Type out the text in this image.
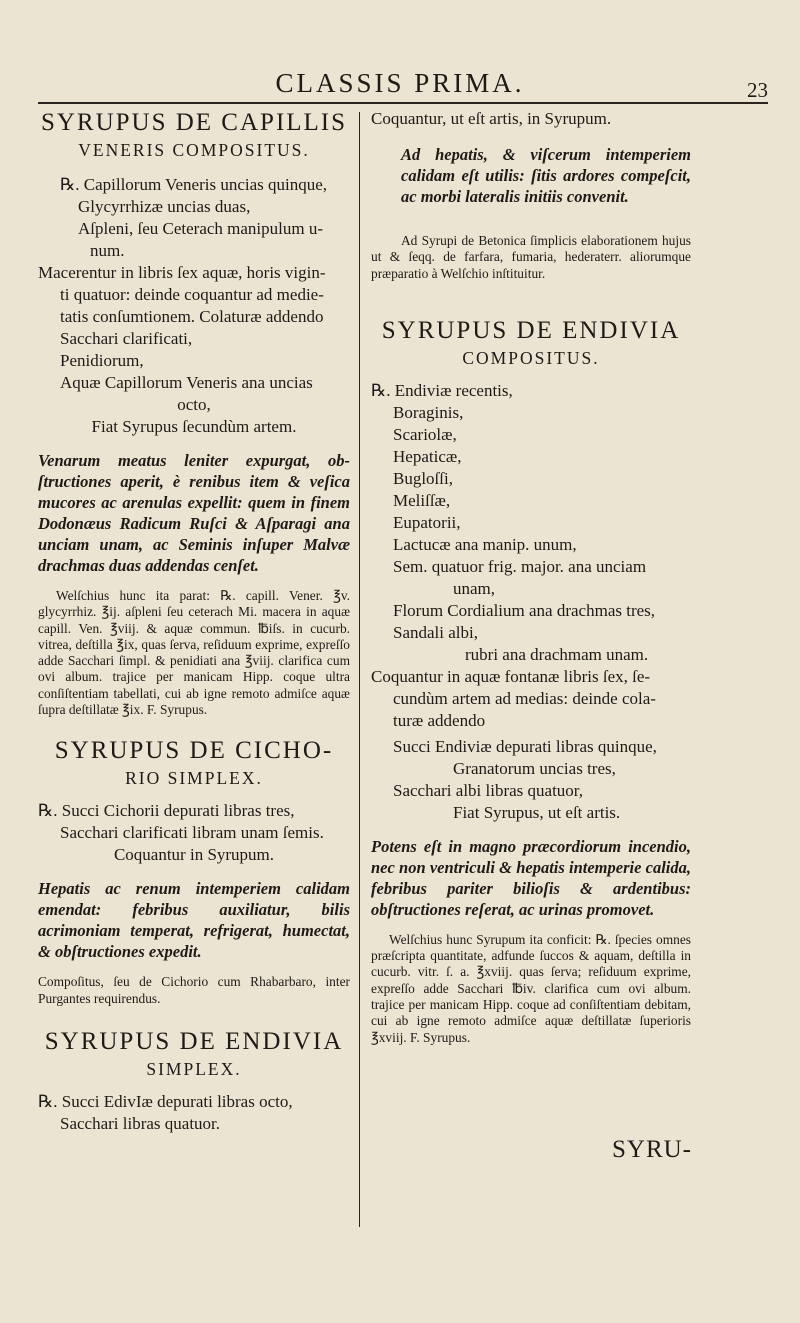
CLASSIS PRIMA.	23
SYRUPUS DE CAPILLIS
VENERIS COMPOSITUS.

℞. Capillorum Veneris uncias quinque,

Glycyrrhizæ uncias duas,

Aſpleni, ſeu Ceterach manipulum u-

num.

Macerentur in libris ſex aquæ, horis vigin-

ti quatuor: deinde coquantur ad medie-

tatis conſumtionem. Colaturæ addendo

Sacchari clarificati,

Penidiorum,

Aquæ Capillorum Veneris ana uncias

octo,

Fiat Syrupus ſecundùm artem.

Venarum meatus leniter expurgat, ob-ſtructiones aperit, è renibus item & veſica mucores ac arenulas expellit: quem in finem Dodonæus Radicum Ruſci & Aſparagi ana unciam unam, ac Seminis inſuper Malvæ drachmas duas addendas cenſet.

Welſchius hunc ita parat: ℞. capill. Vener. ℥v. glycyrrhiz. ℥ij. aſpleni ſeu ceterach Mi. macera in aquæ capill. Ven. ℥viij. & aquæ commun. ℔iſs. in cucurb. vitrea, deſtilla ℥ix, quas ſerva, reſiduum exprime, expreſſo adde Sacchari ſimpl. & penidiati ana ℥viij. clarifica cum ovi album. trajice per manicam Hipp. coque ultra conſiſtentiam tabellati, cui ab igne remoto admiſce aquæ ſupra deſtillatæ ℥ix. F. Syrupus.

SYRUPUS DE CICHO-
RIO SIMPLEX.

℞. Succi Cichorii depurati libras tres,

Sacchari clarificati libram unam ſemis.

Coquantur in Syrupum.

Hepatis ac renum intemperiem calidam emendat: febribus auxiliatur, bilis acrimoniam temperat, refrigerat, humectat, & obſtructiones expedit.

Compoſitus, ſeu de Cichorio cum Rhabarbaro, inter Purgantes requirendus.

SYRUPUS DE ENDIVIA
SIMPLEX.

℞. Succi EdivIæ depurati libras octo,

Sacchari libras quatuor.

Coquantur, ut eſt artis, in Syrupum.

Ad hepatis, & viſcerum intemperiem calidam eſt utilis: ſitis ardores compeſcit, ac morbi lateralis initiis convenit.

Ad Syrupi de Betonica ſimplicis elaborationem hujus ut & ſeqq. de farfara, fumaria, hederaterr. aliorumque præparatio à Welſchio inſtituitur.

SYRUPUS DE ENDIVIA
COMPOSITUS.

℞. Endiviæ recentis,

Boraginis,

Scariolæ,

Hepaticæ,

Bugloſſi,

Meliſſæ,

Eupatorii,

Lactucæ ana manip. unum,

Sem. quatuor frig. major. ana unciam

unam,

Florum Cordialium ana drachmas tres,

Sandali albi,

rubri ana drachmam unam.

Coquantur in aquæ fontanæ libris ſex, ſe-

cundùm artem ad medias: deinde cola-

turæ addendo

Succi Endiviæ depurati libras quinque,

Granatorum uncias tres,

Sacchari albi libras quatuor,

Fiat Syrupus, ut eſt artis.

Potens eſt in magno præcordiorum incendio, nec non ventriculi & hepatis intemperie calida, febribus pariter bilioſis & ardentibus: obſtructiones reſerat, ac urinas promovet.

Welſchius hunc Syrupum ita conficit: ℞. ſpecies omnes præſcripta quantitate, adfunde ſuccos & aquam, deſtilla in cucurb. vitr. ſ. a. ℥xviij. quas ſerva; reſiduum exprime, expreſſo adde Sacchari ℔iv. clarifica cum ovi album. trajice per manicam Hipp. coque ad conſiſtentiam debitam, cui ab igne remoto admiſce aquæ deſtillatæ ſuperioris ℥xviij. F. Syrupus.

SYRU-
